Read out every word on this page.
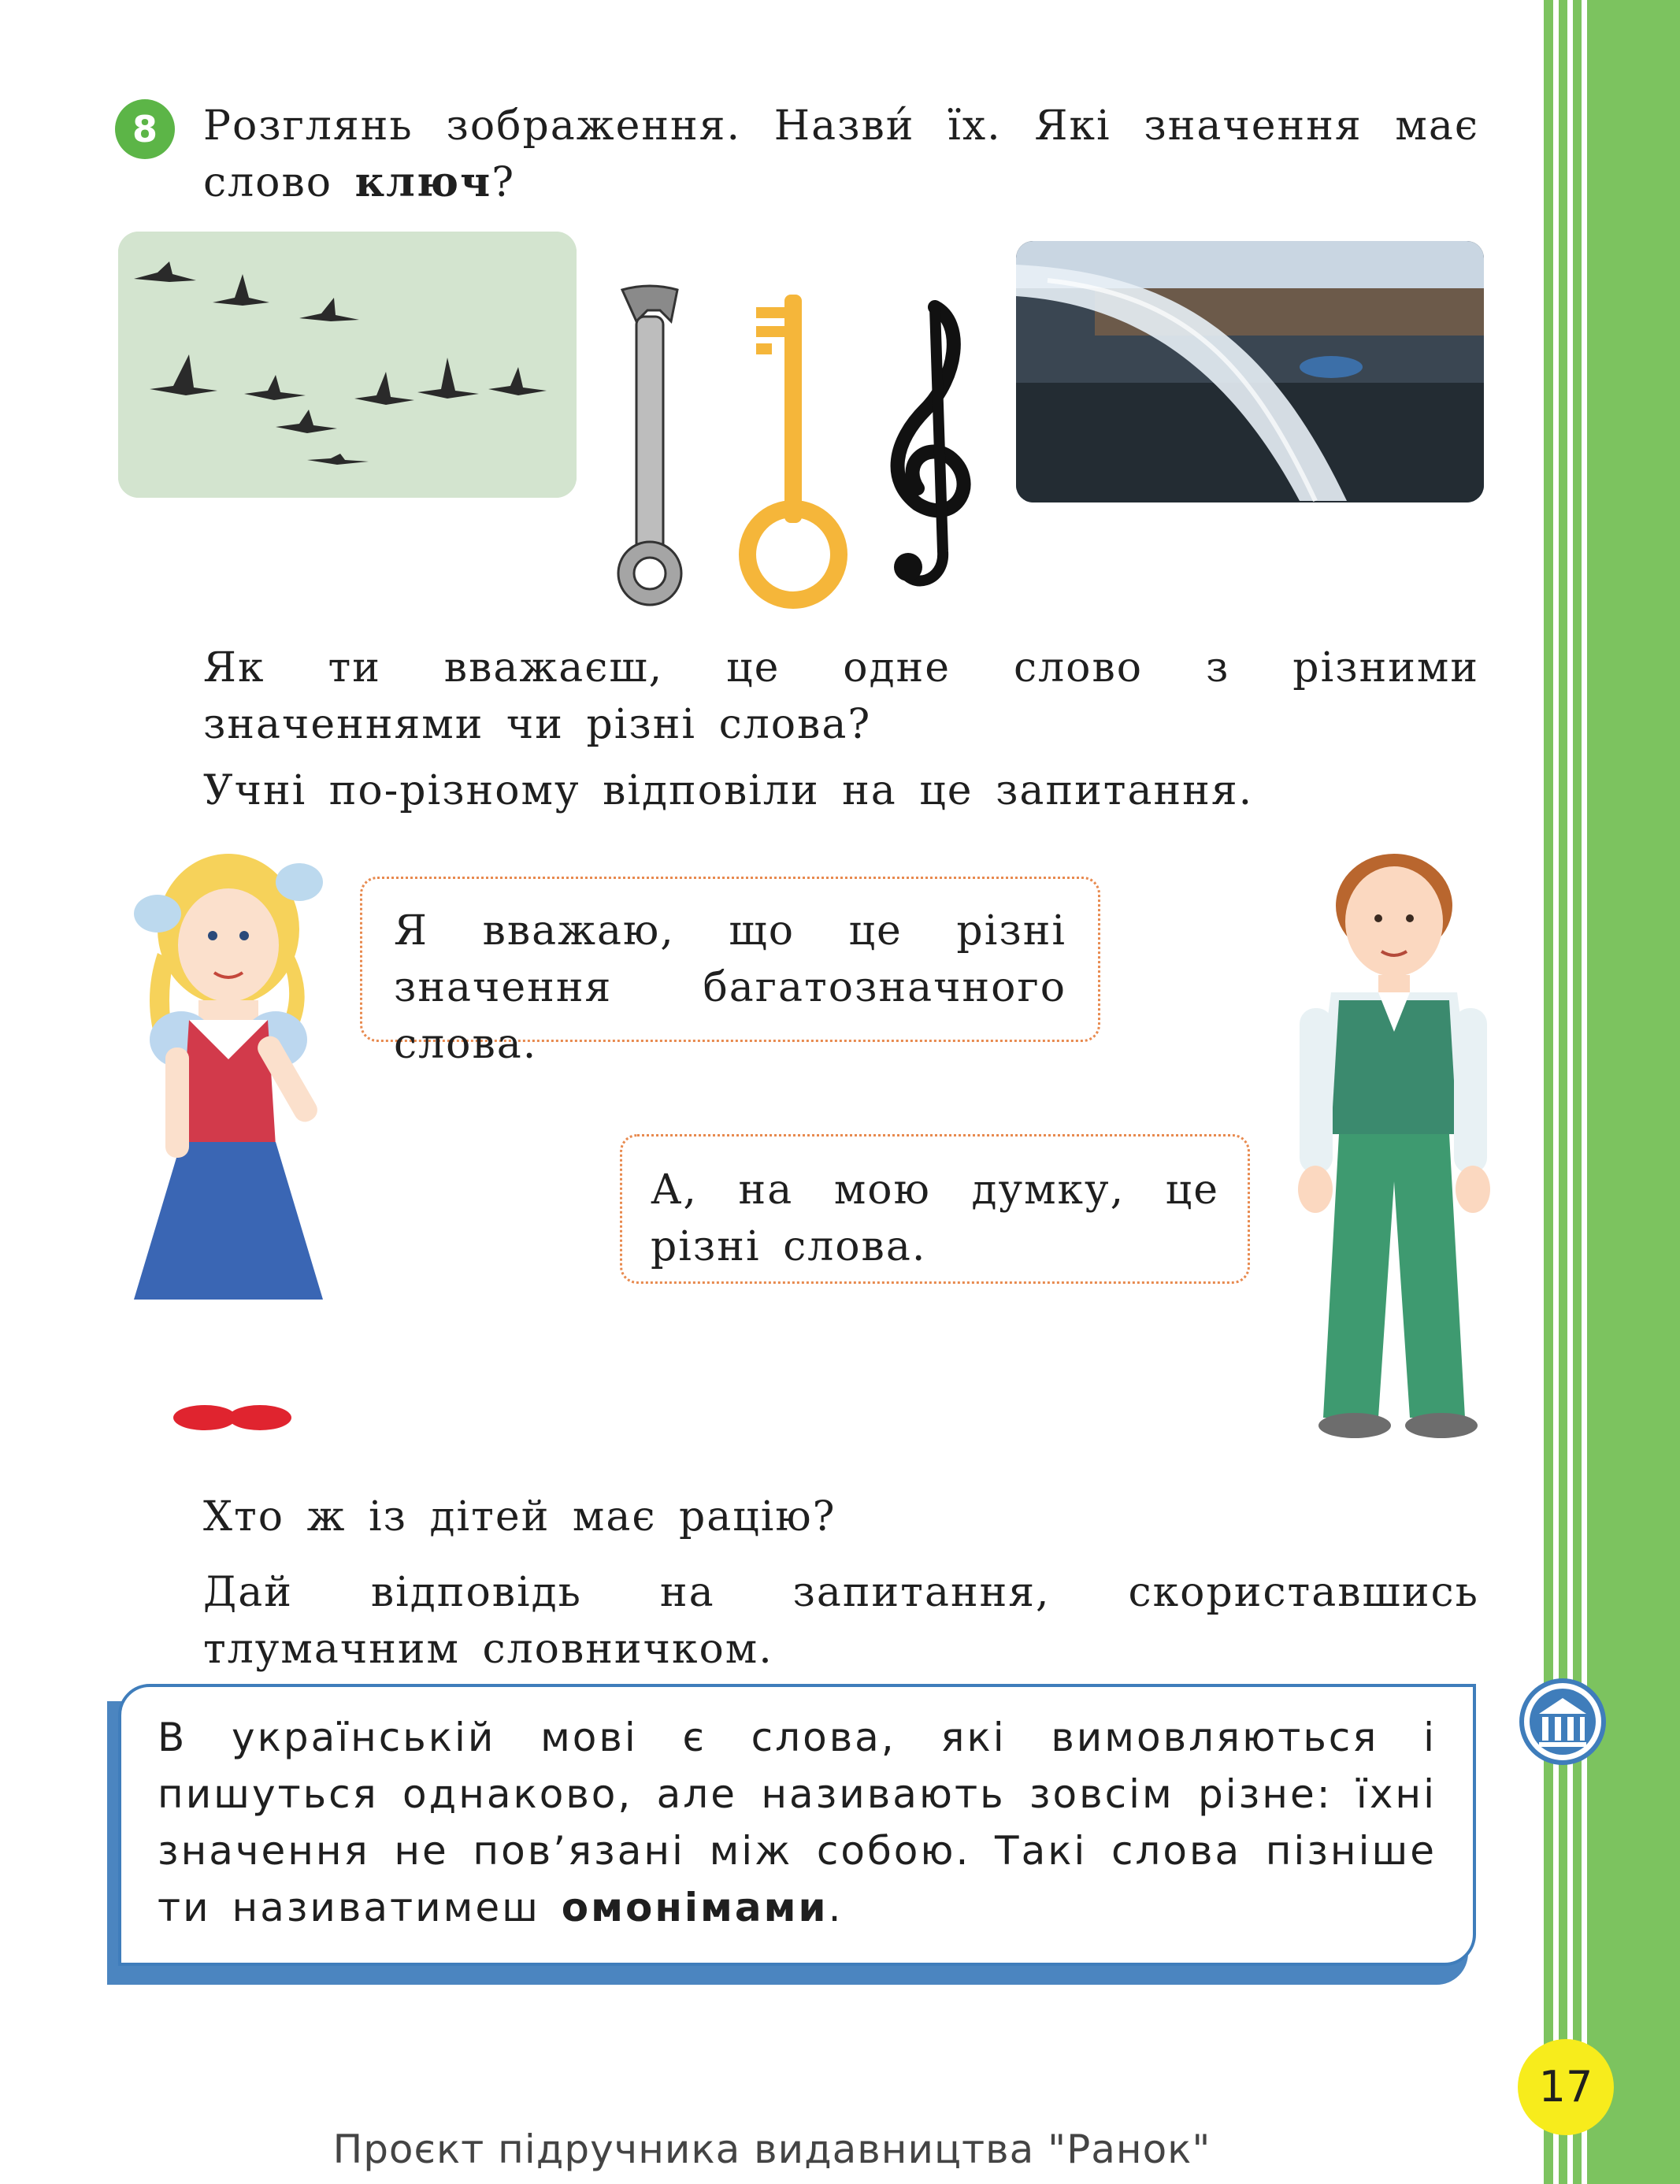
8	Розглянь зображення. Назви́ їх. Які значення має слово ключ?
Як ти вважаєш, це одне слово з різними значеннями чи різні слова?
Учні по-різному відповіли на це запитання.
Я вважаю, що це різні значення багатозначного слова.
А, на мою думку, це різні слова.
Хто ж із дітей має рацію?
Дай відповідь на запитання, скориставшись тлумачним словничком.
В українській мові є слова, які вимовляються і пишуться однаково, але називають зовсім різне: їхні значення не пов’язані між собою. Такі слова пізніше ти називатимеш омонімами.
17
Проєкт підручника видавництва "Ранок"
